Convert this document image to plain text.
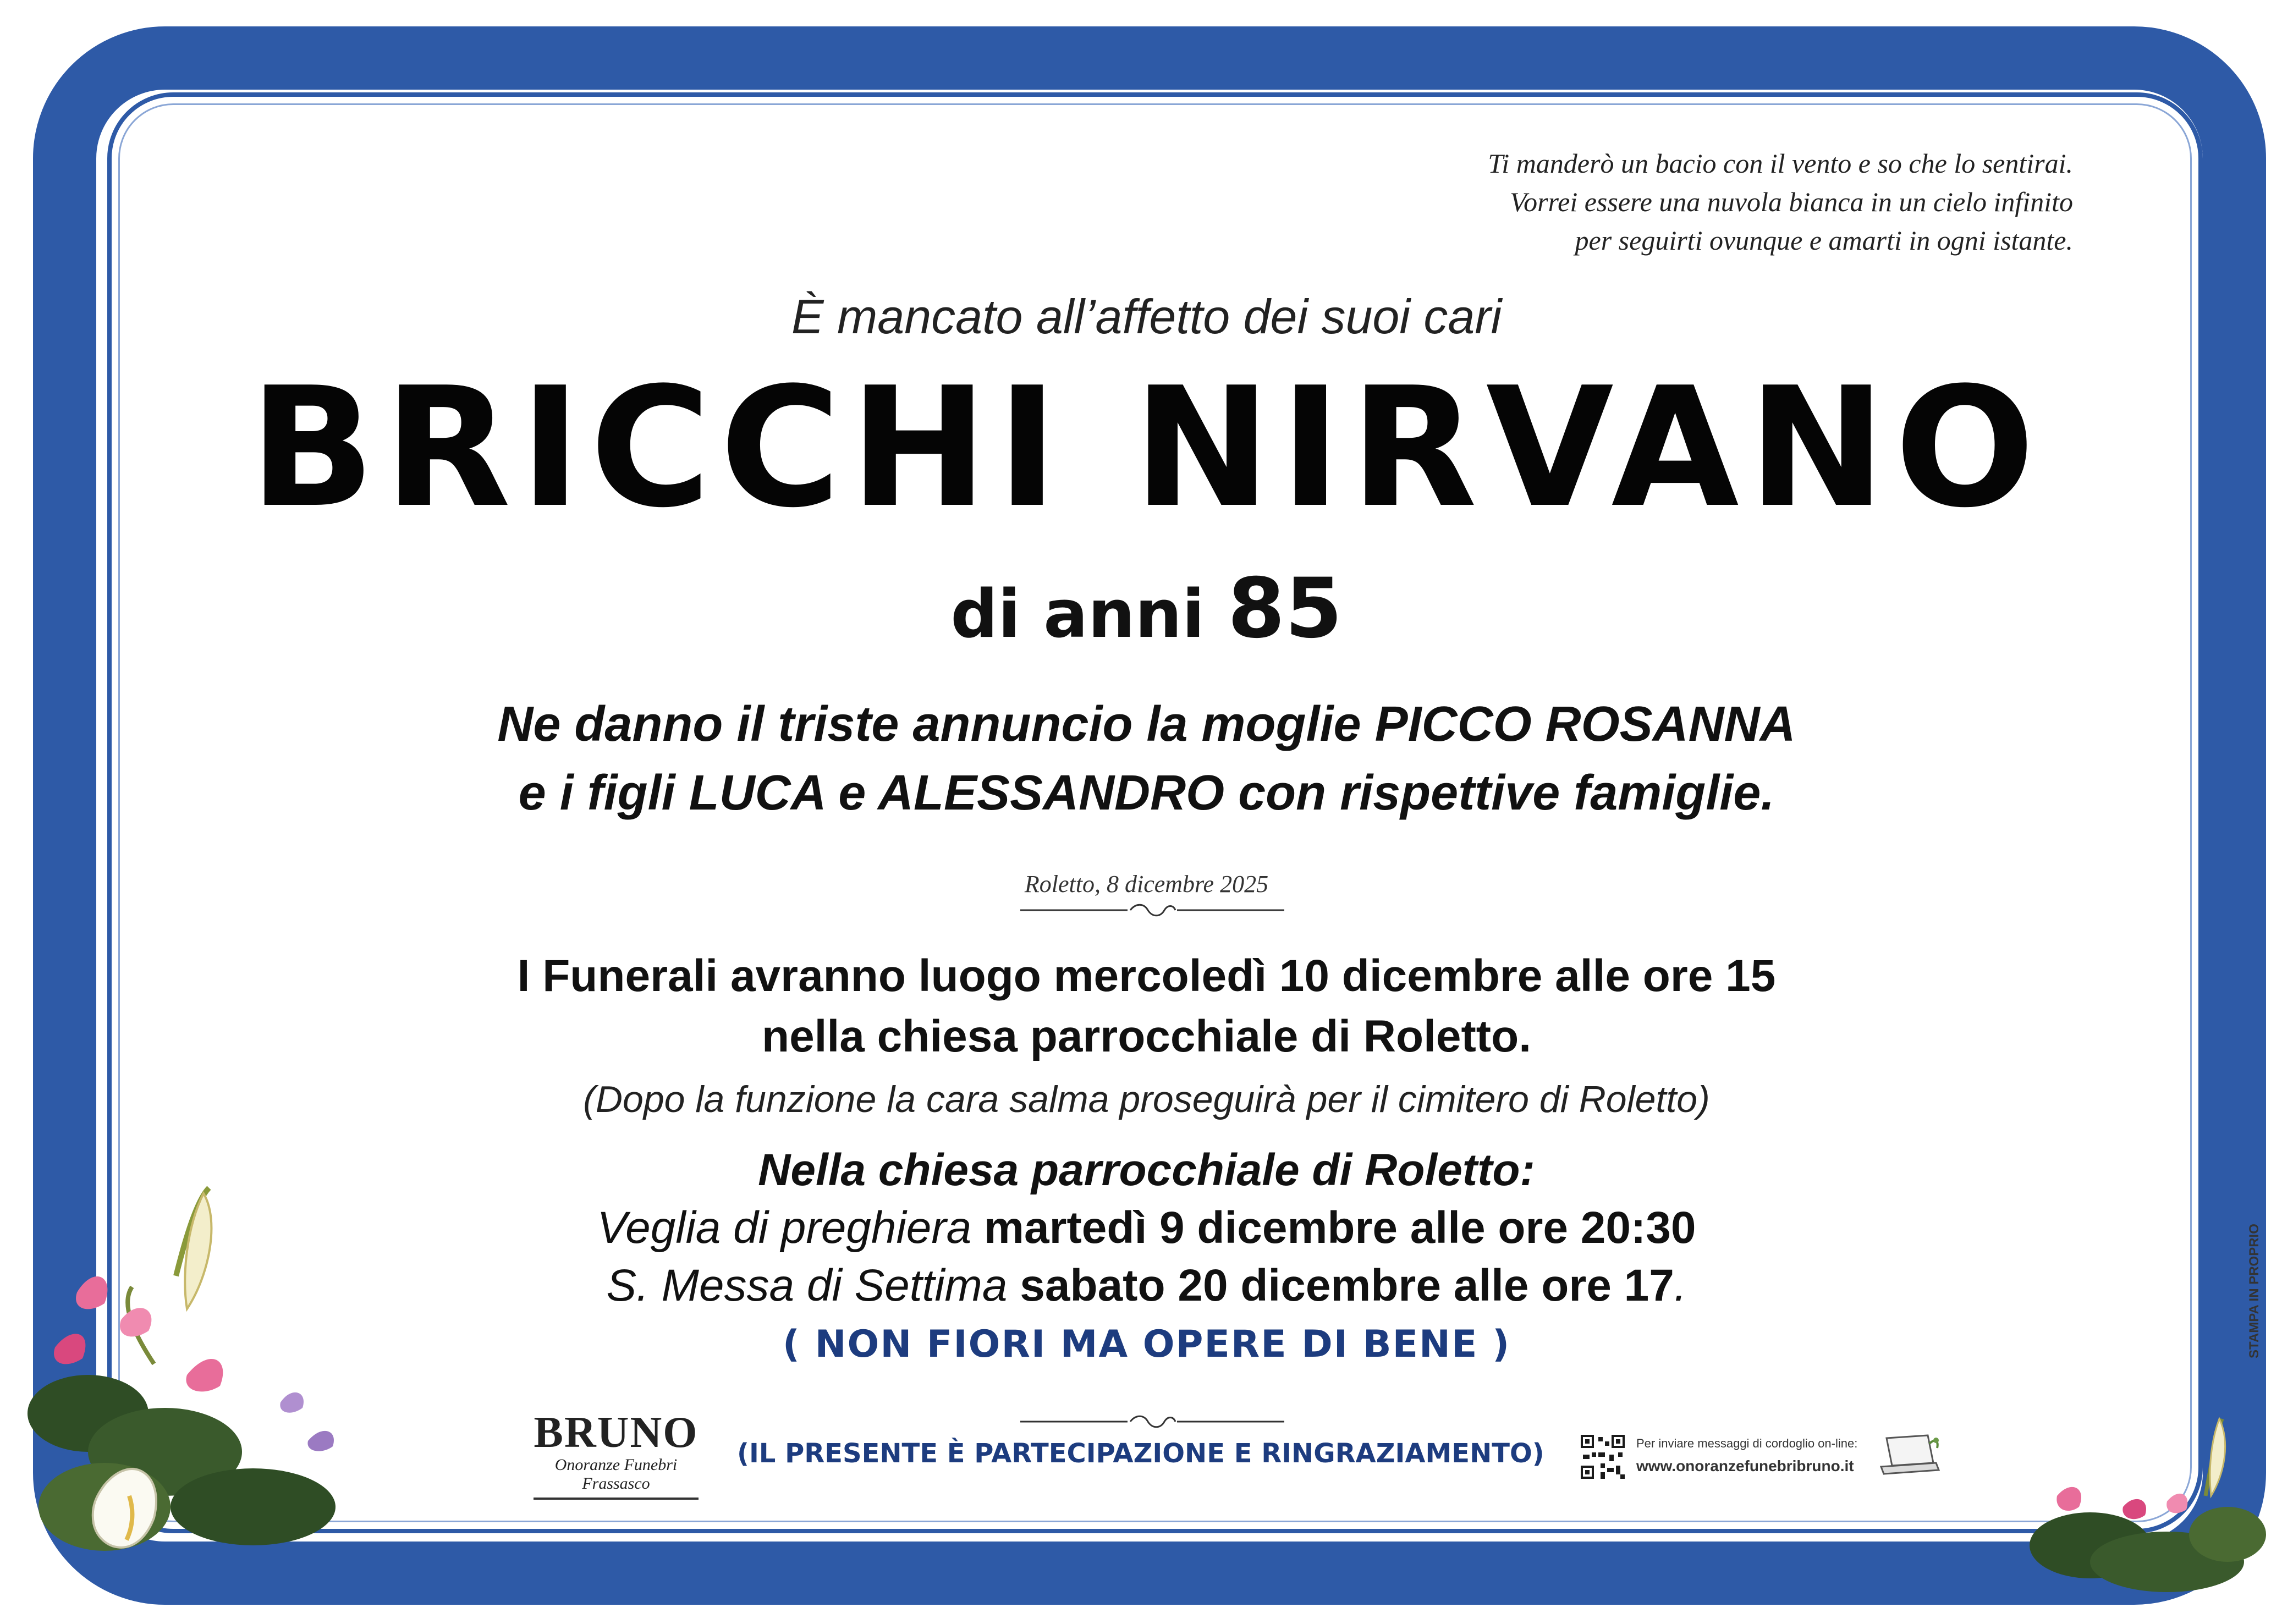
Ti manderò un bacio con il vento e so che lo sentirai.
Vorrei essere una nuvola bianca in un cielo infinito
per seguirti ovunque e amarti in ogni istante.
È mancato all’affetto dei suoi cari
BRICCHI NIRVANO
di anni 85
Ne danno il triste annuncio la moglie PICCO ROSANNA
e i figli LUCA e ALESSANDRO con rispettive famiglie.
Roletto, 8 dicembre 2025
I Funerali avranno luogo mercoledì 10 dicembre alle ore 15
nella chiesa parrocchiale di Roletto.
(Dopo la funzione la cara salma proseguirà per il cimitero di Roletto)
Nella chiesa parrocchiale di Roletto:
Veglia di preghiera martedì 9 dicembre alle ore 20:30
S. Messa di Settima sabato 20 dicembre alle ore 17.
( NON FIORI MA OPERE DI BENE )
BRUNO
Onoranze Funebri Frassasco
(IL PRESENTE È PARTECIPAZIONE E RINGRAZIAMENTO)	Per inviare messaggi di cordoglio on-line:
www.onoranzefunebribruno.it
STAMPA IN PROPRIO
